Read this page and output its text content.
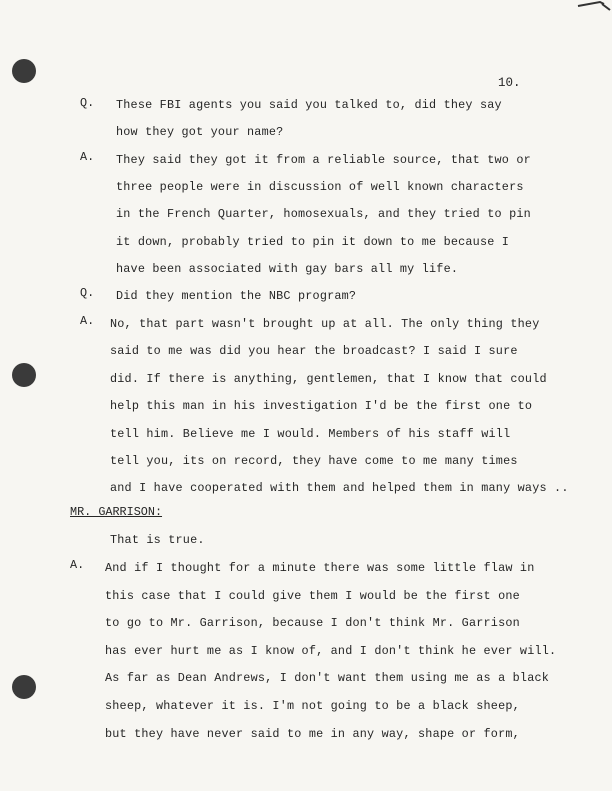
10.
Q. These FBI agents you said you talked to, did they say
how they got your name?
A. They said they got it from a reliable source, that two or
three people were in discussion of well known characters
in the French Quarter, homosexuals, and they tried to pin
it down, probably tried to pin it down to me because I
have been associated with gay bars all my life.
Q. Did they mention the NBC program?
A. No, that part wasn't brought up at all. The only thing they
said to me was did you hear the broadcast? I said I sure
did. If there is anything, gentlemen, that I know that could
help this man in his investigation I'd be the first one to
tell him. Believe me I would. Members of his staff will
tell you, its on record, they have come to me many times
and I have cooperated with them and helped them in many ways ..
MR. GARRISON:
That is true.
A. And if I thought for a minute there was some little flaw in
this case that I could give them I would be the first one
to go to Mr. Garrison, because I don't think Mr. Garrison
has ever hurt me as I know of, and I don't think he ever will.
As far as Dean Andrews, I don't want them using me as a black
sheep, whatever it is. I'm not going to be a black sheep,
but they have never said to me in any way, shape or form,
